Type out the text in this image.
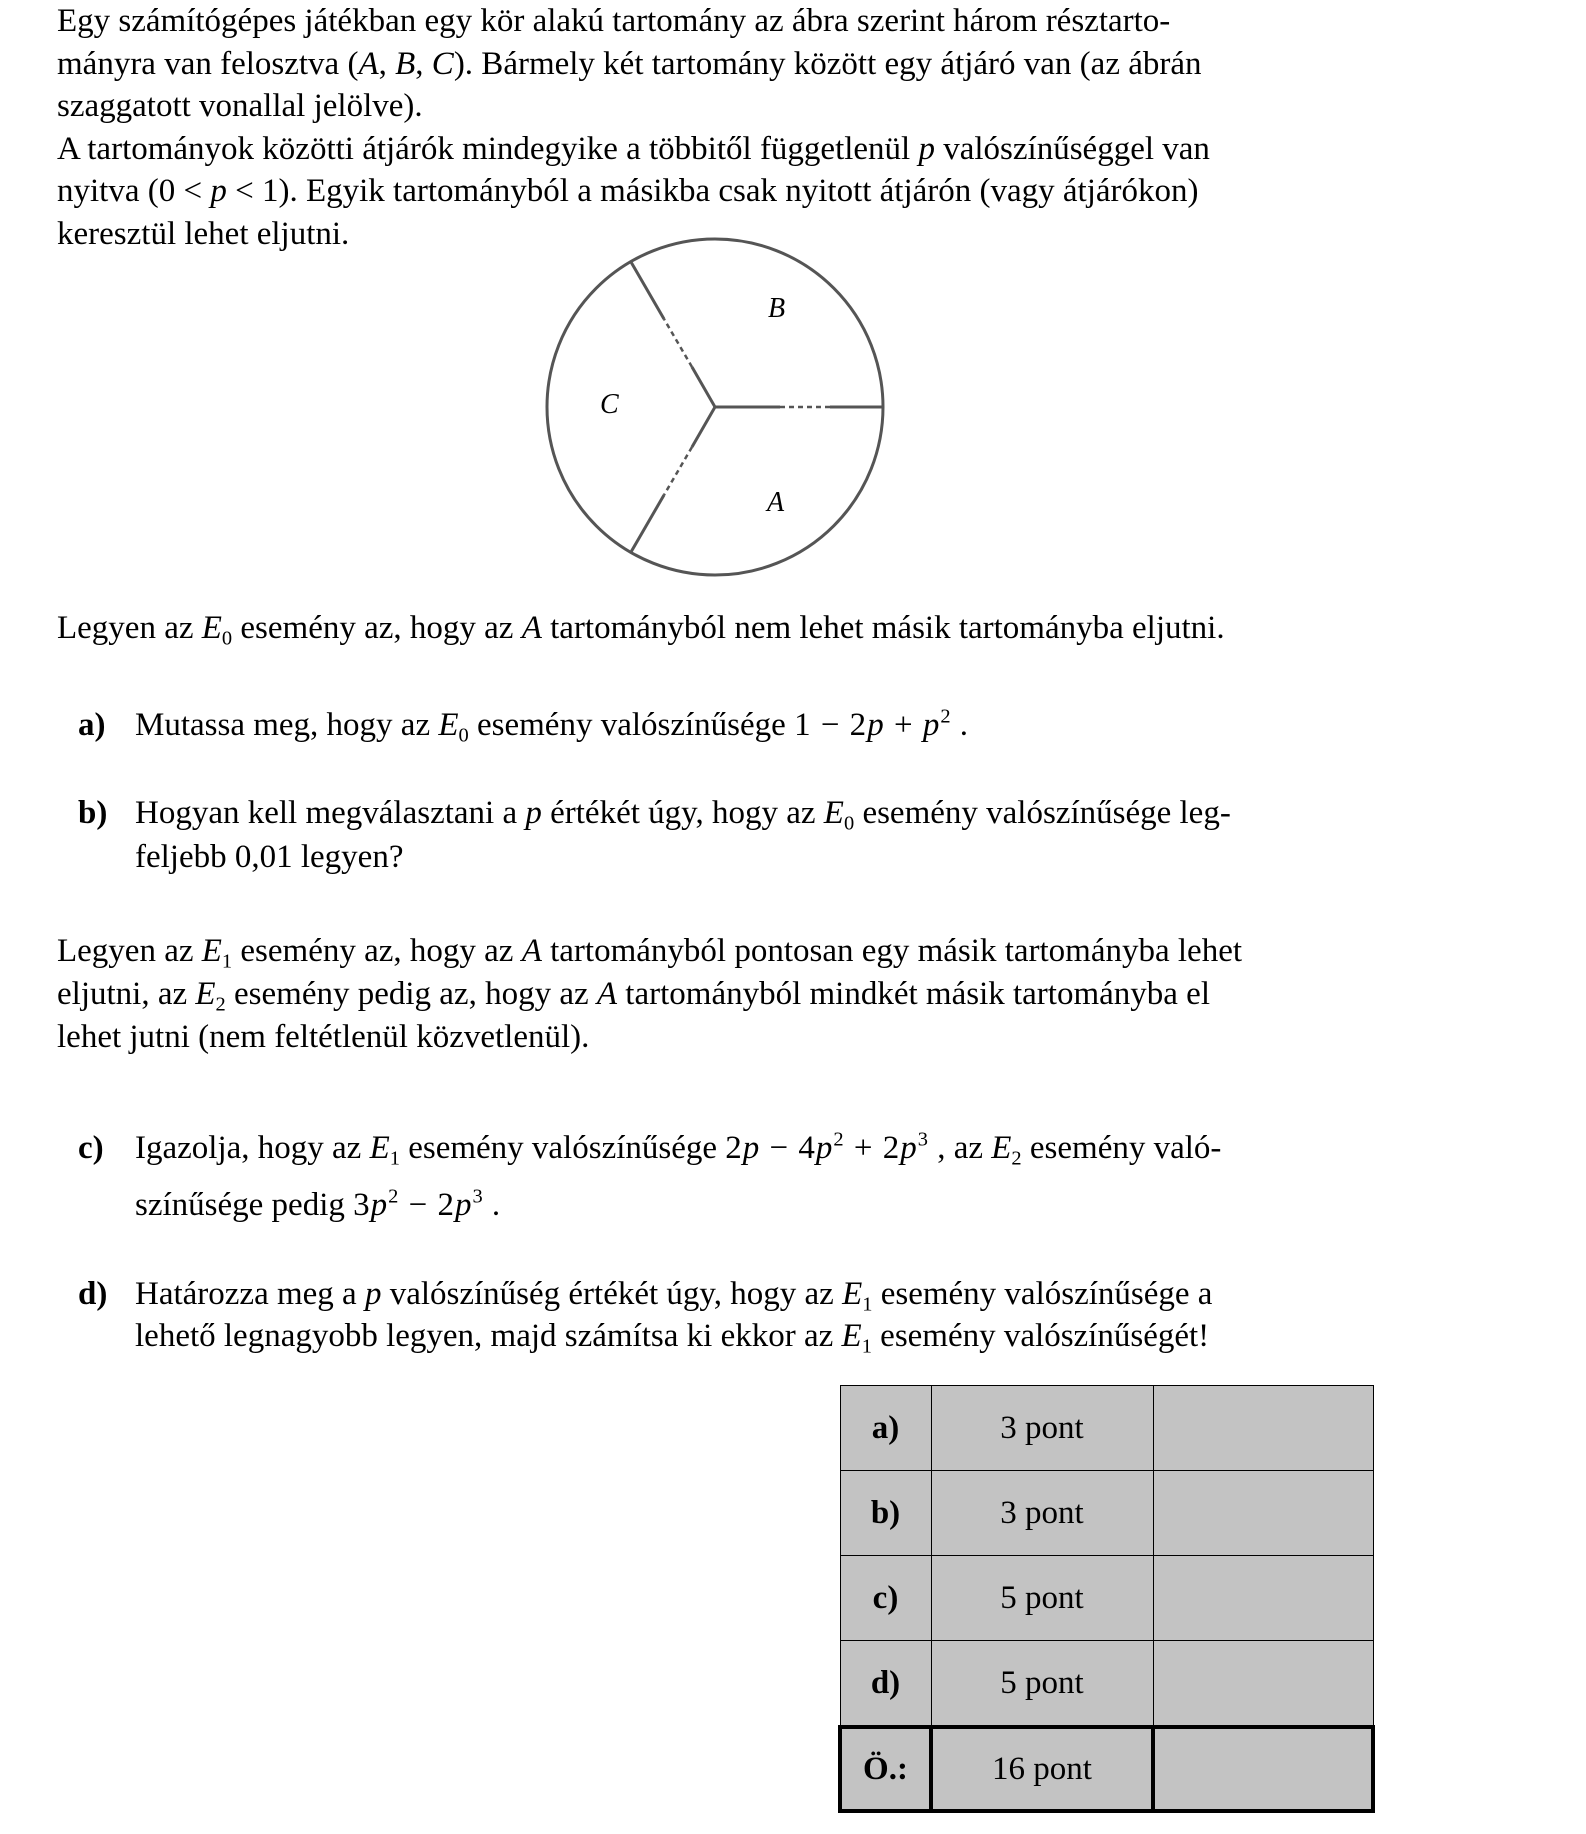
Egy számítógépes játékban egy kör alakú tartomány az ábra szerint három résztarto-
mányra van felosztva (A, B, C). Bármely két tartomány között egy átjáró van (az ábrán
szaggatott vonallal jelölve).
A tartományok közötti átjárók mindegyike a többitől függetlenül p valószínűséggel van
nyitva (0 < p < 1). Egyik tartományból a másikba csak nyitott átjárón (vagy átjárókon)
keresztül lehet eljutni.

B
C
A

Legyen az $E_0$ esemény az, hogy az A tartományból nem lehet másik tartományba eljutni.

a) Mutassa meg, hogy az $E_0$ esemény valószínűsége $1 - 2p + p^2$ .
b) Hogyan kell megválasztani a p értékét úgy, hogy az $E_0$ esemény valószínűsége leg-
feljebb 0,01 legyen?

Legyen az $E_1$ esemény az, hogy az A tartományból pontosan egy másik tartományba lehet
eljutni, az $E_2$ esemény pedig az, hogy az A tartományból mindkét másik tartományba el
lehet jutni (nem feltétlenül közvetlenül).

c) Igazolja, hogy az $E_1$ esemény valószínűsége $2p - 4p^2 + 2p^3$ , az $E_2$ esemény való-
színűsége pedig $3p^2 - 2p^3$ .
d) Határozza meg a p valószínűség értékét úgy, hogy az $E_1$ esemény valószínűsége a
lehető legnagyobb legyen, majd számítsa ki ekkor az $E_1$ esemény valószínűségét!
a)	3 pont	
b)	3 pont	
c)	5 pont	
d)	5 pont	
Ö.:	16 pont	
